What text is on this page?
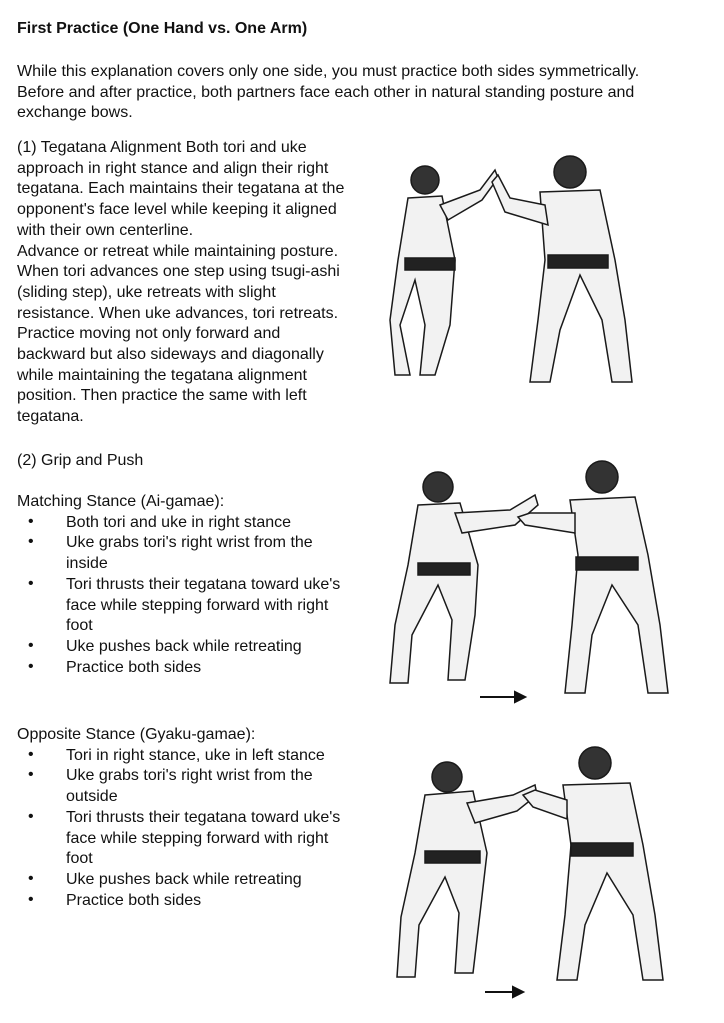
First Practice (One Hand vs. One Arm)
While this explanation covers only one side, you must practice both sides symmetrically.
Before and after practice, both partners face each other in natural standing posture and
exchange bows.
(1) Tegatana Alignment Both tori and uke
approach in right stance and align their right
tegatana. Each maintains their tegatana at the
opponent's face level while keeping it aligned
with their own centerline.
Advance or retreat while maintaining posture.
When tori advances one step using tsugi-ashi
(sliding step), uke retreats with slight
resistance. When uke advances, tori retreats.
Practice moving not only forward and
backward but also sideways and diagonally
while maintaining the tegatana alignment
position. Then practice the same with left
tegatana.
(2) Grip and Push
Matching Stance (Ai-gamae):
• Both tori and uke in right stance
• Uke grabs tori's right wrist from the
inside
• Tori thrusts their tegatana toward uke's
face while stepping forward with right
foot
• Uke pushes back while retreating
• Practice both sides
Opposite Stance (Gyaku-gamae):
• Tori in right stance, uke in left stance
• Uke grabs tori's right wrist from the
outside
• Tori thrusts their tegatana toward uke's
face while stepping forward with right
foot
• Uke pushes back while retreating
• Practice both sides
